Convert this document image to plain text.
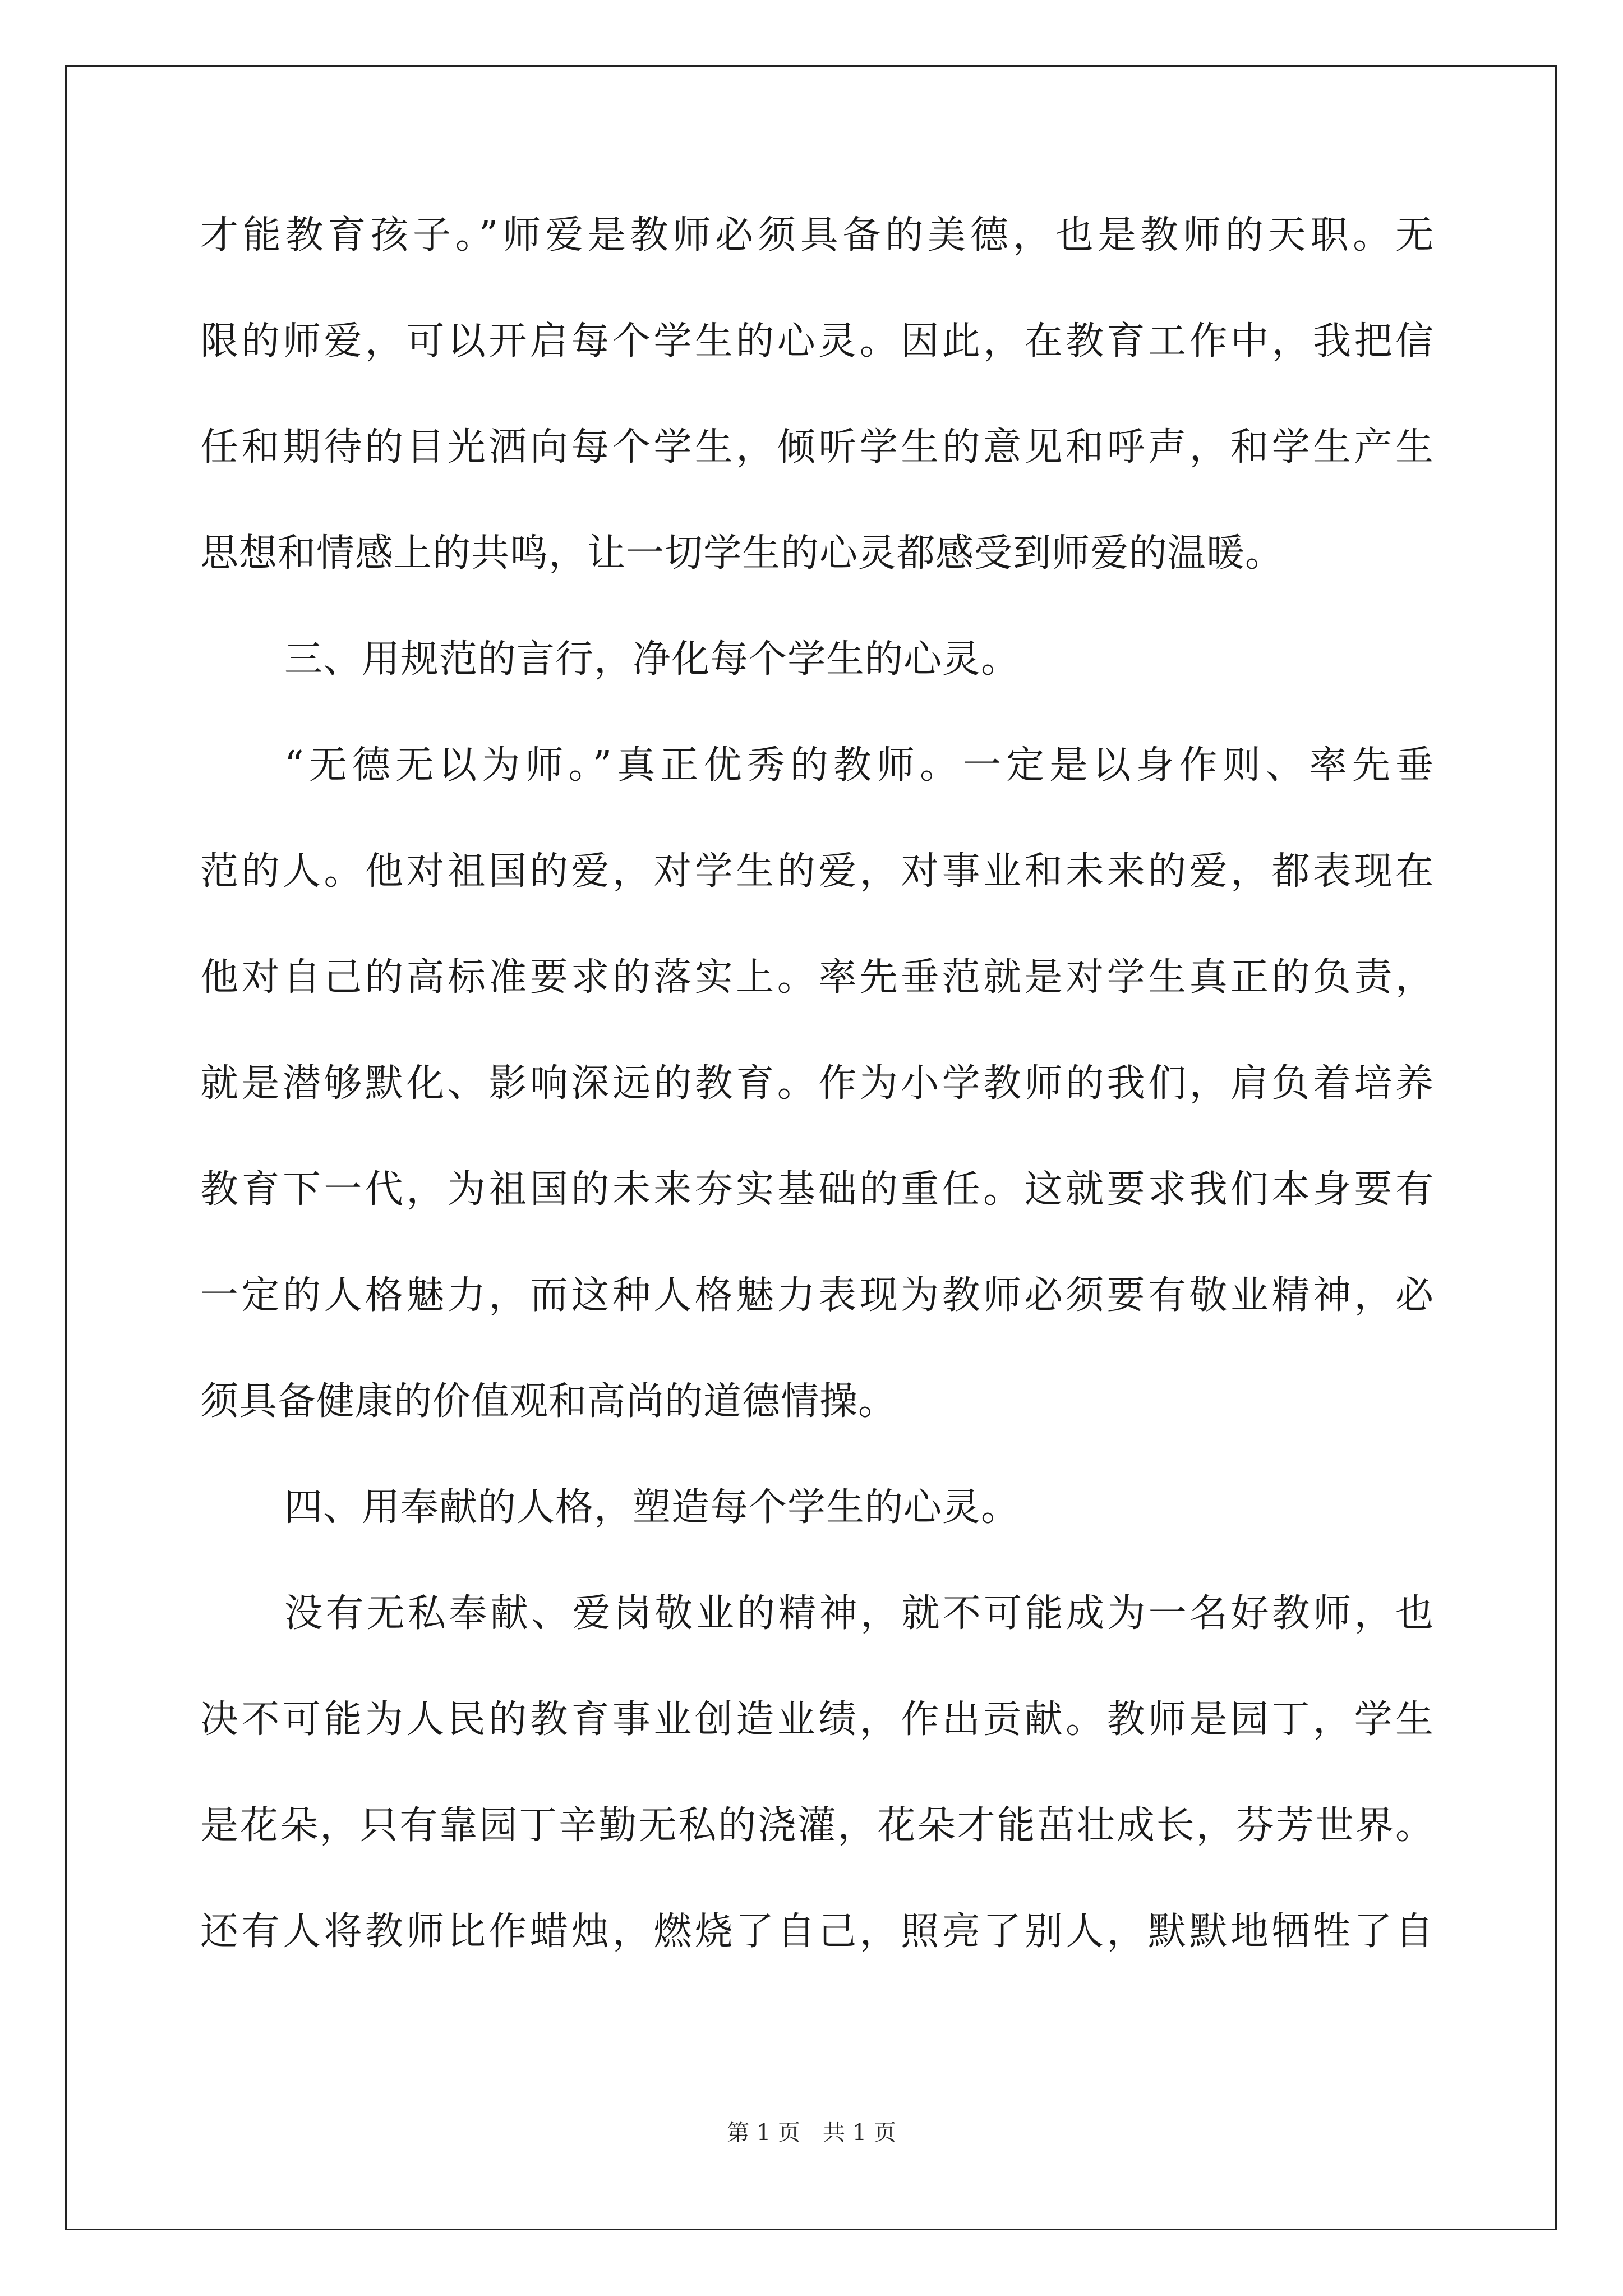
才能教育孩子。”师爱是教师必须具备的美德，也是教师的天职。无
限的师爱，可以开启每个学生的心灵。因此，在教育工作中，我把信
任和期待的目光洒向每个学生，倾听学生的意见和呼声，和学生产生
思想和情感上的共鸣，让一切学生的心灵都感受到师爱的温暖。
三、用规范的言行，净化每个学生的心灵。
“无德无以为师。”真正优秀的教师。一定是以身作则、率先垂
范的人。他对祖国的爱，对学生的爱，对事业和未来的爱，都表现在
他对自己的高标准要求的落实上。率先垂范就是对学生真正的负责，
就是潜够默化、影响深远的教育。作为小学教师的我们，肩负着培养
教育下一代，为祖国的未来夯实基础的重任。这就要求我们本身要有
一定的人格魅力，而这种人格魅力表现为教师必须要有敬业精神，必
须具备健康的价值观和高尚的道德情操。
四、用奉献的人格，塑造每个学生的心灵。
没有无私奉献、爱岗敬业的精神，就不可能成为一名好教师，也
决不可能为人民的教育事业创造业绩，作出贡献。教师是园丁，学生
是花朵，只有靠园丁辛勤无私的浇灌，花朵才能茁壮成长，芬芳世界。
还有人将教师比作蜡烛，燃烧了自己，照亮了别人，默默地牺牲了自
第 1 页　共 1 页
